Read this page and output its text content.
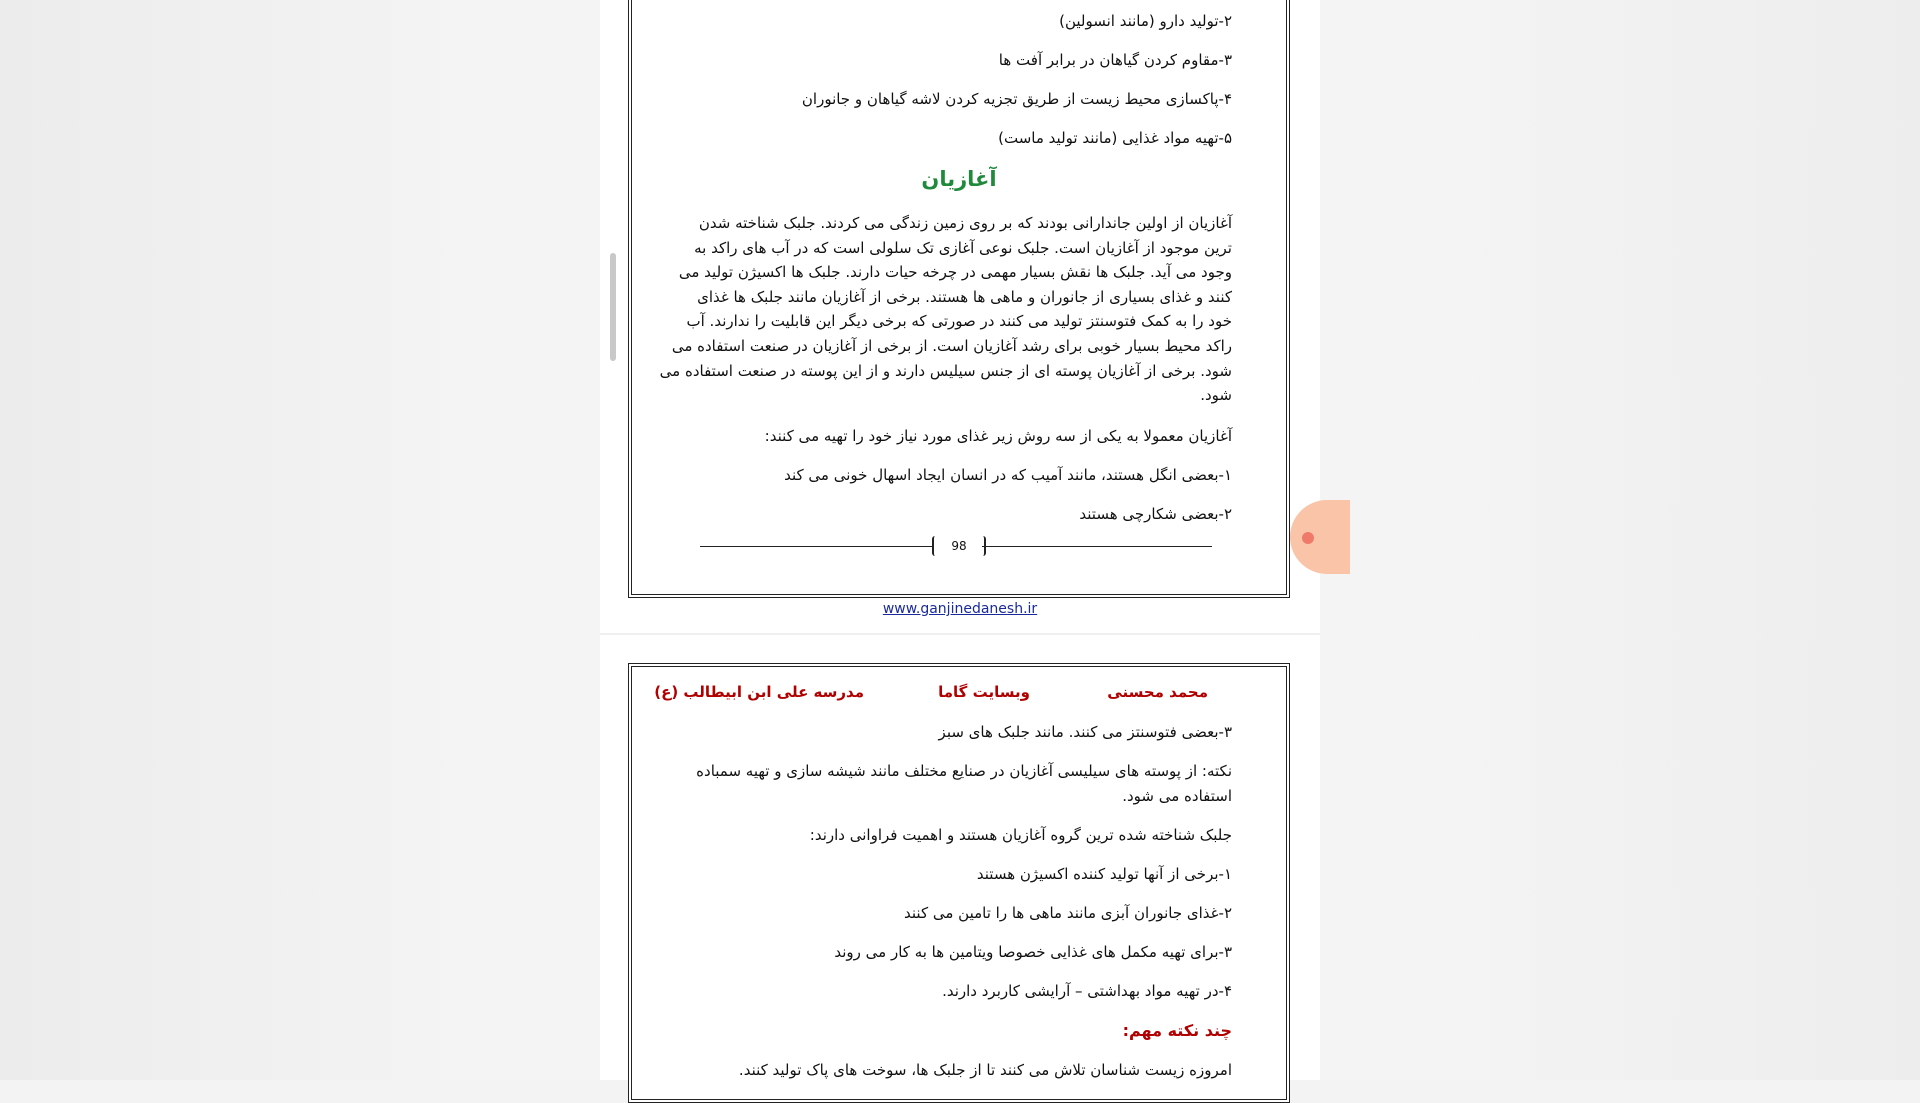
۲-تولید دارو (مانند انسولین)
۳-مقاوم کردن گیاهان در برابر آفت ها
۴-پاکسازی محیط زیست از طریق تجزیه کردن لاشه گیاهان و جانوران
۵-تهیه مواد غذایی (مانند تولید ماست)
آغازیان
آغازیان از اولین جاندارانی بودند که بر روی زمین زندگی می کردند. جلبک شناخته شدن
ترین موجود از آغازیان است. جلبک نوعی آغازی تک سلولی است که در آب های راکد به
وجود می آید. جلبک ها نقش بسیار مهمی در چرخه حیات دارند. جلبک ها اکسیژن تولید می
کنند و غذای بسیاری از جانوران و ماهی ها هستند. برخی از آغازیان مانند جلبک ها غذای
خود را به کمک فتوسنتز تولید می کنند در صورتی که برخی دیگر این قابلیت را ندارند. آب
راکد محیط بسیار خوبی برای رشد آغازیان است. از برخی از آغازیان در صنعت استفاده می
شود. برخی از آغازیان پوسته ای از جنس سیلیس دارند و از این پوسته در صنعت استفاده می
شود.
آغازیان معمولا به یکی از سه روش زیر غذای مورد نیاز خود را تهیه می کنند:
۱-بعضی انگل هستند، مانند آمیب که در انسان ایجاد اسهال خونی می کند
۲-بعضی شکارچی هستند
98
www.ganjinedanesh.ir
محمد محسنی
وبسایت گاما
مدرسه علی ابن ابیطالب (ع)
۳-بعضی فتوسنتز می کنند. مانند جلبک های سبز
نکته: از پوسته های سیلیسی آغازیان در صنایع مختلف مانند شیشه سازی و تهیه سمباده
استفاده می شود.
جلبک شناخته شده ترین گروه آغازیان هستند و اهمیت فراوانی دارند:
۱-برخی از آنها تولید کننده اکسیژن هستند
۲-غذای جانوران آبزی مانند ماهی ها را تامین می کنند
۳-برای تهیه مکمل های غذایی خصوصا ویتامین ها به کار می روند
۴-در تهیه مواد بهداشتی – آرایشی کاربرد دارند.
چند نکته مهم:
امروزه زیست شناسان تلاش می کنند تا از جلبک ها، سوخت های پاک تولید کنند.
